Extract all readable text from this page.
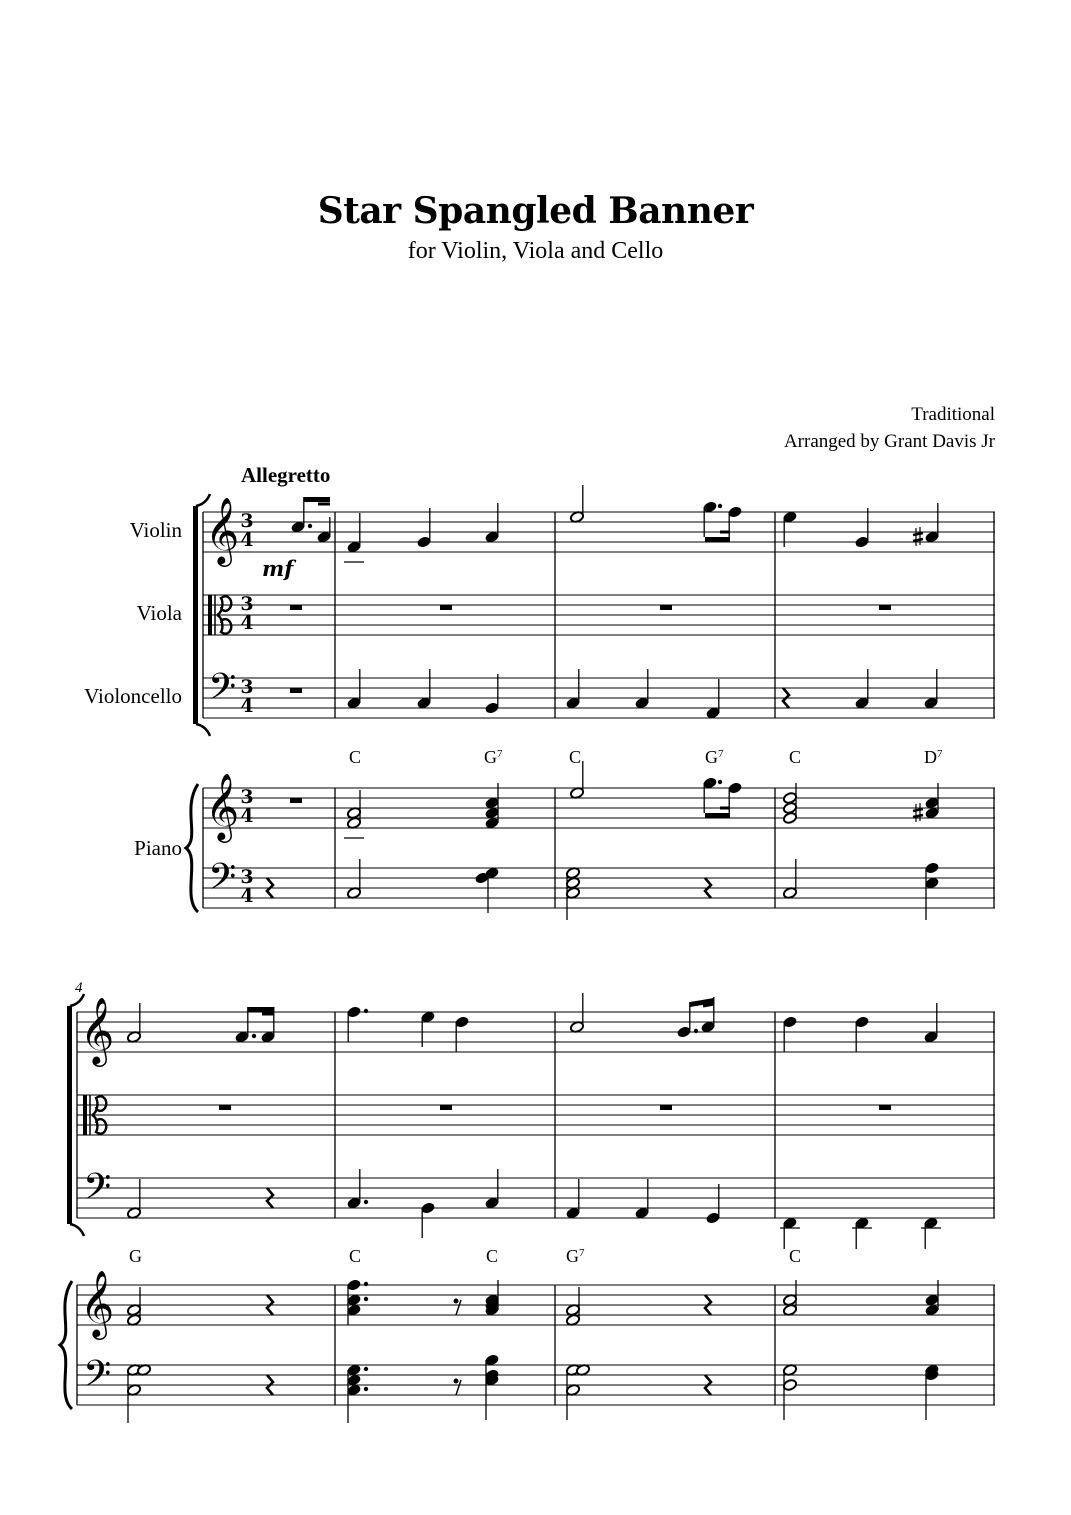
Star Spangled Banner
for Violin, Viola and Cello
Traditional
Arranged by Grant Davis Jr
Allegretto
Violin
Viola
Violoncello
Piano
mf
4
C	$G^7$	C	$G^7$	C	$D^7$
G	C	C	$G^7$	C
3
4
3
4
3
4
3
4
3
4
𝄞
𝄢
𝄞
𝄢
𝄞
𝄢
𝄞
𝄢
